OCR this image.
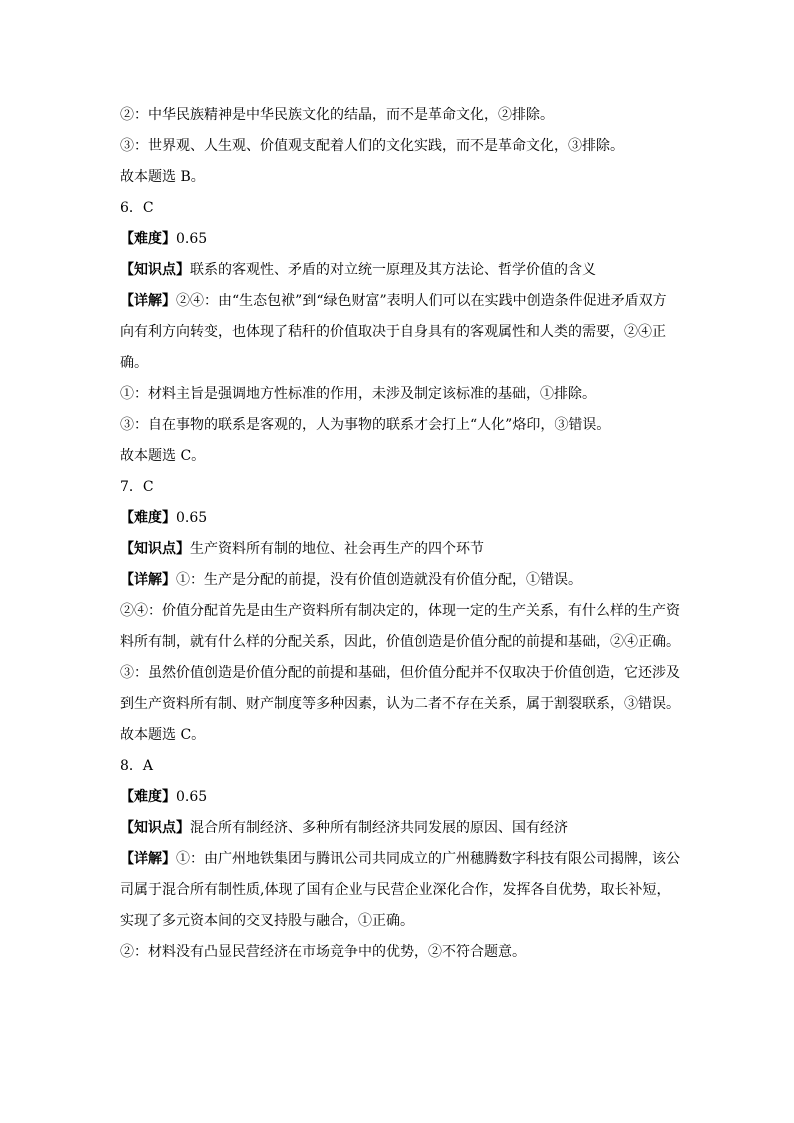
②：中华民族精神是中华民族文化的结晶，而不是革命文化，②排除。

③：世界观、人生观、价值观支配着人们的文化实践，而不是革命文化，③排除。

故本题选 B。

6．C

【难度】0.65

【知识点】联系的客观性、矛盾的对立统一原理及其方法论、哲学价值的含义

【详解】②④：由“生态包袱”到“绿色财富”表明人们可以在实践中创造条件促进矛盾双方向有利方向转变，也体现了秸秆的价值取决于自身具有的客观属性和人类的需要，②④正确。

①：材料主旨是强调地方性标准的作用，未涉及制定该标准的基础，①排除。

③：自在事物的联系是客观的，人为事物的联系才会打上“人化”烙印，③错误。

故本题选 C。

7．C

【难度】0.65

【知识点】生产资料所有制的地位、社会再生产的四个环节

【详解】①：生产是分配的前提，没有价值创造就没有价值分配，①错误。

②④：价值分配首先是由生产资料所有制决定的，体现一定的生产关系，有什么样的生产资料所有制，就有什么样的分配关系，因此，价值创造是价值分配的前提和基础，②④正确。

③：虽然价值创造是价值分配的前提和基础，但价值分配并不仅取决于价值创造，它还涉及到生产资料所有制、财产制度等多种因素，认为二者不存在关系，属于割裂联系，③错误。

故本题选 C。

8．A

【难度】0.65

【知识点】混合所有制经济、多种所有制经济共同发展的原因、国有经济

【详解】①：由广州地铁集团与腾讯公司共同成立的广州穗腾数字科技有限公司揭牌，该公司属于混合所有制性质,体现了国有企业与民营企业深化合作，发挥各自优势，取长补短，实现了多元资本间的交叉持股与融合，①正确。

②：材料没有凸显民营经济在市场竞争中的优势，②不符合题意。
